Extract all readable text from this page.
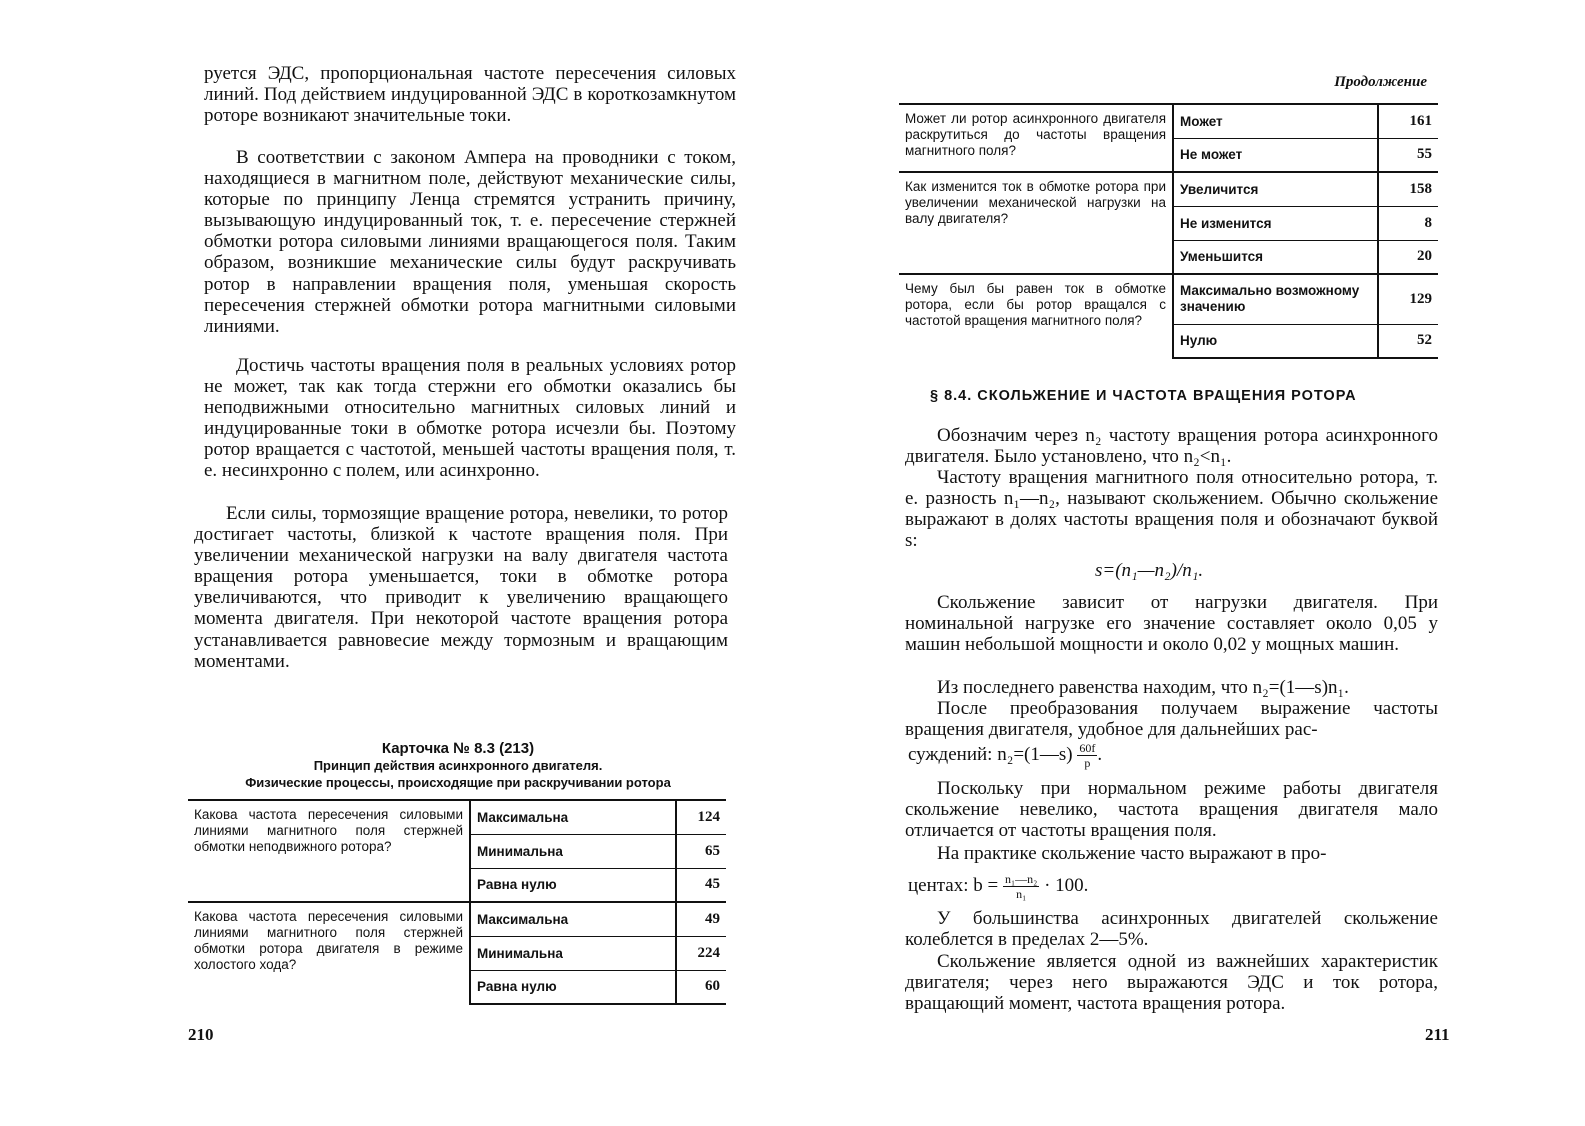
руется ЭДС, пропорциональная частоте пересечения силовых линий. Под действием индуцированной ЭДС в короткозамкнутом роторе возникают значительные токи.

В соответствии с законом Ампера на проводники с током, находящиеся в магнитном поле, действуют механические силы, которые по принципу Ленца стремятся устранить причину, вызывающую индуцированный ток, т. е. пересечение стержней обмотки ротора силовыми линиями вращающегося поля. Таким образом, возникшие механические силы будут раскручивать ротор в направлении вращения поля, уменьшая скорость пересечения стержней обмотки ротора магнитными силовыми линиями.

Достичь частоты вращения поля в реальных условиях ротор не может, так как тогда стержни его обмотки оказались бы неподвижными относительно магнитных силовых линий и индуцированные токи в обмотке ротора исчезли бы. Поэтому ротор вращается с частотой, меньшей частоты вращения поля, т. е. несинхронно с полем, или асинхронно.

Если силы, тормозящие вращение ротора, невелики, то ротор достигает частоты, близкой к частоте вращения поля. При увеличении механической нагрузки на валу двигателя частота вращения ротора уменьшается, токи в обмотке ротора увеличиваются, что приводит к увеличению вращающего момента двигателя. При некоторой частоте вращения ротора устанавливается равновесие между тормозным и вращающим моментами.

Карточка № 8.3 (213)
Принцип действия асинхронного двигателя.
Физические процессы, происходящие при раскручивании ротора
Какова частота пересечения силовыми линиями магнитного поля стержней обмотки неподвижного ротора?	Максимальна	124
	Минимальна	65
	Равна нулю	45
Какова частота пересечения силовыми линиями магнитного поля стержней обмотки ротора двигателя в режиме холостого хода?	Максимальна	49
	Минимальна	224
	Равна нулю	60
210
Продолжение
Может ли ротор асинхронного двигателя раскрутиться до частоты вращения магнитного поля?	Может	161
	Не может	55
Как изменится ток в обмотке ротора при увеличении механической нагрузки на валу двигателя?	Увеличится	158
	Не изменится	8
	Уменьшится	20
Чему был бы равен ток в обмотке ротора, если бы ротор вращался с частотой вращения магнитного поля?	Максимально возможному значению	129
	Нулю	52
§ 8.4. СКОЛЬЖЕНИЕ И ЧАСТОТА ВРАЩЕНИЯ РОТОРА

Обозначим через n₂ частоту вращения ротора асинхронного двигателя. Было установлено, что n₂<n₁.

Частоту вращения магнитного поля относительно ротора, т. е. разность n₁—n₂, называют скольжением. Обычно скольжение выражают в долях частоты вращения поля и обозначают буквой s:

s=(n₁—n₂)/n₁.

Скольжение зависит от нагрузки двигателя. При номинальной нагрузке его значение составляет около 0,05 у машин небольшой мощности и около 0,02 у мощных машин.

Из последнего равенства находим, что n₂=(1—s)n₁.

После преобразования получаем выражение частоты вращения двигателя, удобное для дальнейших рас-

суждений: n₂=(1—s) $\frac{60f}{p}$ .

Поскольку при нормальном режиме работы двигателя скольжение невелико, частота вращения двигателя мало отличается от частоты вращения поля.

На практике скольжение часто выражают в про-

центах: $b = \frac{\text{n₁—n₂}}{\text{n₁}} \cdot 100$.

У большинства асинхронных двигателей скольжение колеблется в пределах 2—5%.

Скольжение является одной из важнейших характеристик двигателя; через него выражаются ЭДС и ток ротора, вращающий момент, частота вращения ротора.

211
